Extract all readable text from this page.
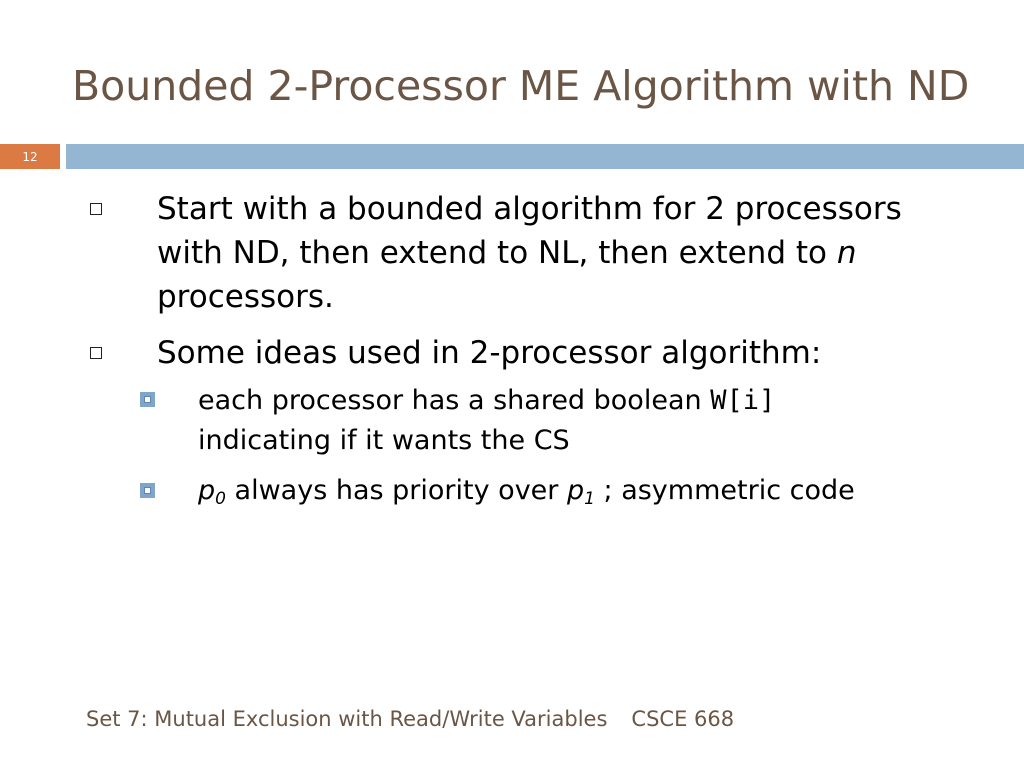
Bounded 2-Processor ME Algorithm with ND
12
Start with a bounded algorithm for 2 processors
with ND, then extend to NL, then extend to n
processors.
Some ideas used in 2-processor algorithm:
each processor has a shared boolean W[i]
indicating if it wants the CS
$p_0$ always has priority over $p_1$ ; asymmetric code
Set 7: Mutual Exclusion with Read/Write Variables CSCE 668
